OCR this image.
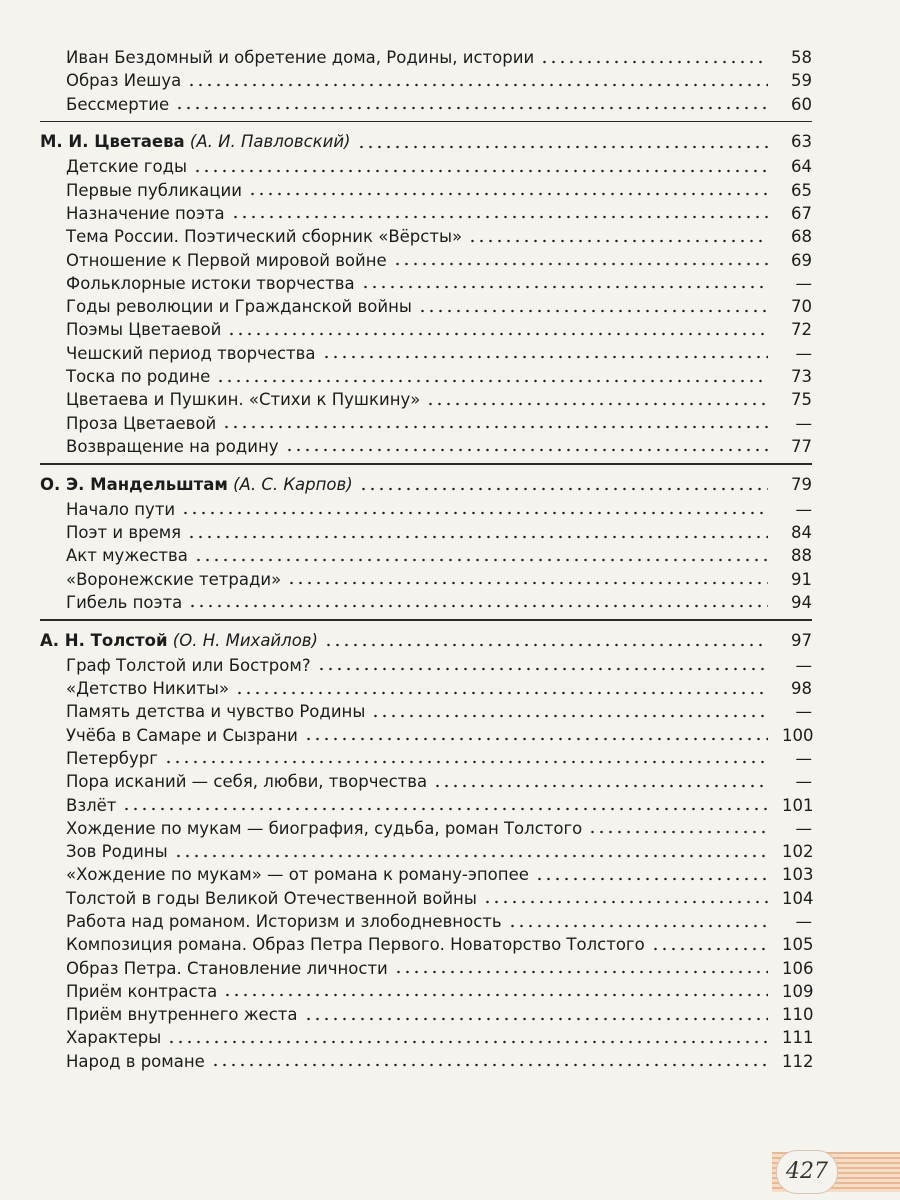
Иван Бездомный и обретение дома, Родины, истории	58
Образ Иешуа	59
Бессмертие	60
М. И. Цветаева (А. И. Павловский)	63
Детские годы	64
Первые публикации	65
Назначение поэта	67
Тема России. Поэтический сборник «Вёрсты»	68
Отношение к Первой мировой войне	69
Фольклорные истоки творчества	—
Годы революции и Гражданской войны	70
Поэмы Цветаевой	72
Чешский период творчества	—
Тоска по родине	73
Цветаева и Пушкин. «Стихи к Пушкину»	75
Проза Цветаевой	—
Возвращение на родину	77
О. Э. Мандельштам (А. С. Карпов)	79
Начало пути	—
Поэт и время	84
Акт мужества	88
«Воронежские тетради»	91
Гибель поэта	94
А. Н. Толстой (О. Н. Михайлов)	97
Граф Толстой или Бостром?	—
«Детство Никиты»	98
Память детства и чувство Родины	—
Учёба в Самаре и Сызрани	100
Петербург	—
Пора исканий — себя, любви, творчества	—
Взлёт	101
Хождение по мукам — биография, судьба, роман Толстого	—
Зов Родины	102
«Хождение по мукам» — от романа к роману-эпопее	103
Толстой в годы Великой Отечественной войны	104
Работа над романом. Историзм и злободневность	—
Композиция романа. Образ Петра Первого. Новаторство Толстого	105
Образ Петра. Становление личности	106
Приём контраста	109
Приём внутреннего жеста	110
Характеры	111
Народ в романе	112
427
